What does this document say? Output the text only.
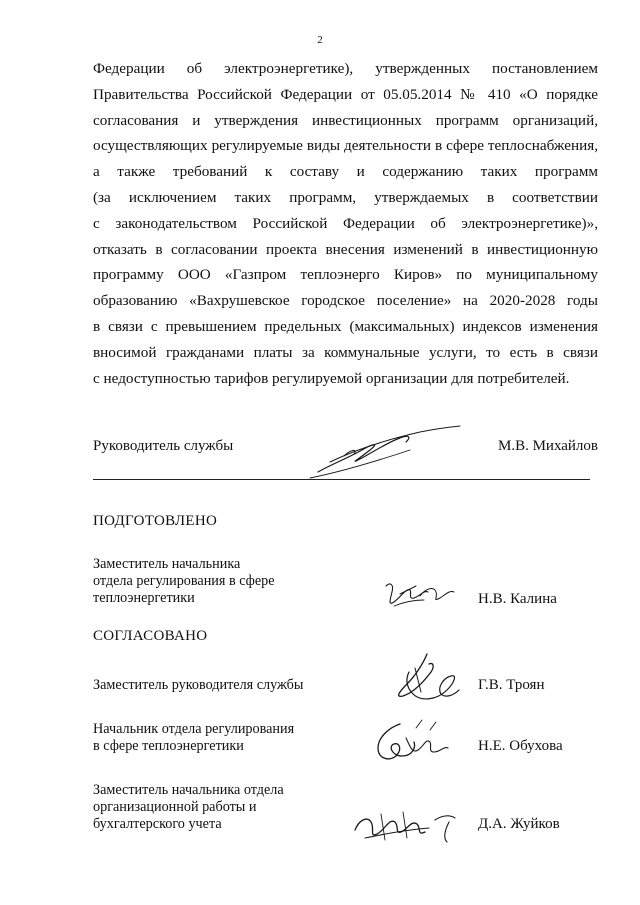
2
Федерации об электроэнергетике), утвержденных постановлением
Правительства Российской Федерации от 05.05.2014 № 410 «О порядке
согласования и утверждения инвестиционных программ организаций,
осуществляющих регулируемые виды деятельности в сфере теплоснабжения,
а также требований к составу и содержанию таких программ
(за исключением таких программ, утверждаемых в соответствии
с законодательством Российской Федерации об электроэнергетике)»,
отказать в согласовании проекта внесения изменений в инвестиционную
программу ООО «Газпром теплоэнерго Киров» по муниципальному
образованию «Вахрушевское городское поселение» на 2020-2028 годы
в связи с превышением предельных (максимальных) индексов изменения
вносимой гражданами платы за коммунальные услуги, то есть в связи
с недоступностью тарифов регулируемой организации для потребителей.
Руководитель службы	М.В. Михайлов
ПОДГОТОВЛЕНО
Заместитель начальника
отдела регулирования в сфере
теплоэнергетики	Н.В. Калина
СОГЛАСОВАНО
Заместитель руководителя службы	Г.В. Троян
Начальник отдела регулирования
в сфере теплоэнергетики	Н.Е. Обухова
Заместитель начальника отдела
организационной работы и
бухгалтерского учета	Д.А. Жуйков
